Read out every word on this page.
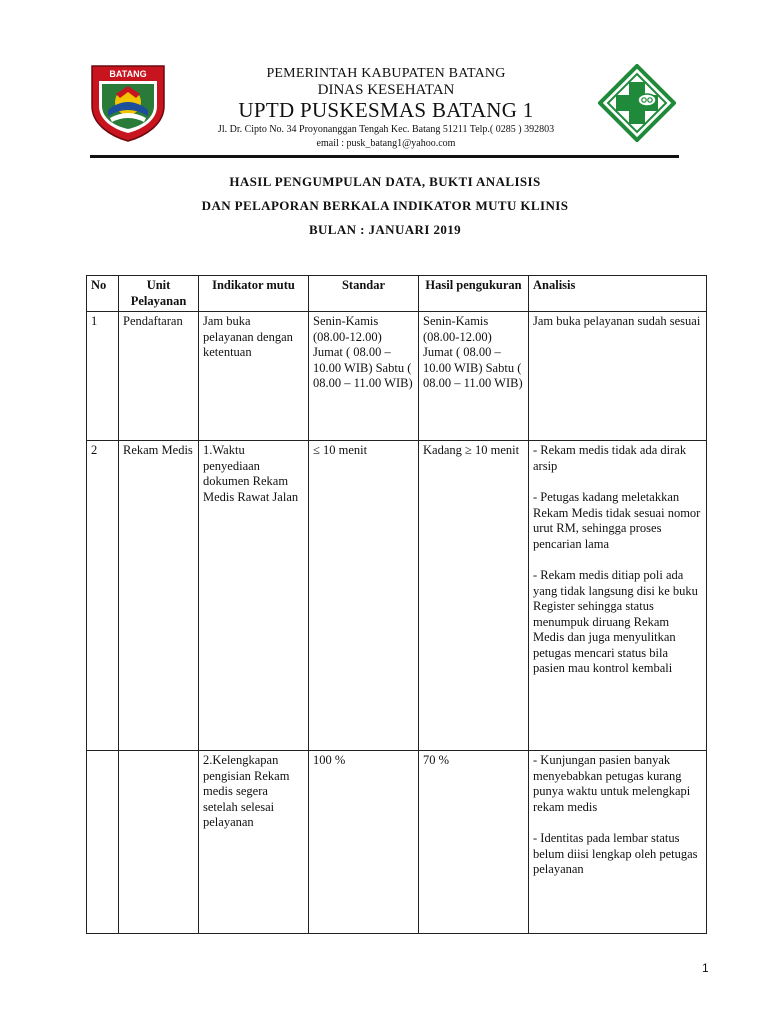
BATANG	PEMERINTAH KABUPATEN BATANG
DINAS KESEHATAN
UPTD PUSKESMAS BATANG 1
Jl. Dr. Cipto No. 34 Proyonanggan Tengah Kec. Batang 51211 Telp.( 0285 ) 392803
email : pusk_batang1@yahoo.com
HASIL PENGUMPULAN DATA, BUKTI ANALISIS
DAN PELAPORAN BERKALA INDIKATOR MUTU KLINIS
BULAN : JANUARI 2019
No	Unit Pelayanan	Indikator mutu	Standar	Hasil pengukuran	Analisis
1	Pendaftaran	Jam buka pelayanan dengan ketentuan	Senin-Kamis (08.00-12.00) Jumat ( 08.00 – 10.00 WIB) Sabtu ( 08.00 – 11.00 WIB)	Senin-Kamis (08.00-12.00) Jumat ( 08.00 – 10.00 WIB) Sabtu ( 08.00 – 11.00 WIB)	Jam buka pelayanan sudah sesuai
2	Rekam Medis	1.Waktu penyediaan dokumen Rekam Medis Rawat Jalan	≤ 10 menit	Kadang ≥ 10 menit	- Rekam medis tidak ada dirak arsip

- Petugas kadang meletakkan Rekam Medis tidak sesuai nomor urut RM, sehingga proses pencarian lama

- Rekam medis ditiap poli ada yang tidak langsung disi ke buku Register sehingga status menumpuk diruang Rekam Medis dan juga menyulitkan petugas mencari status bila pasien mau kontrol kembali

		2.Kelengkapan pengisian Rekam medis segera setelah selesai pelayanan	100 %	70 %	- Kunjungan pasien banyak menyebabkan petugas kurang punya waktu untuk melengkapi rekam medis

- Identitas pada lembar status belum diisi lengkap oleh petugas pelayanan

1
